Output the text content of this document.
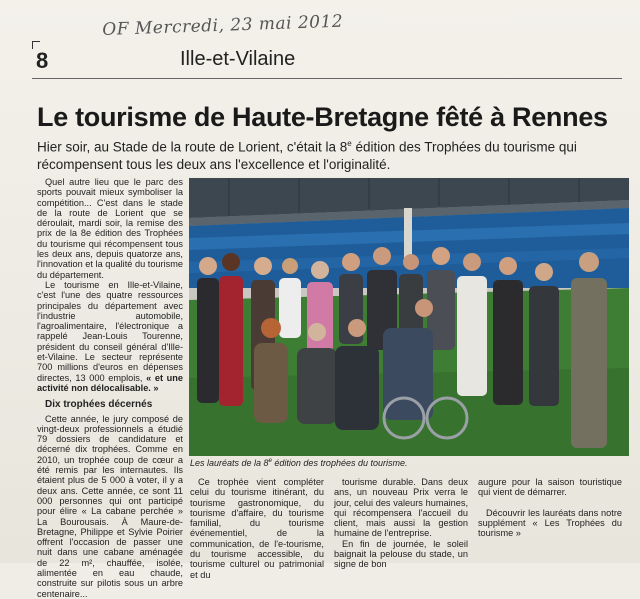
OF Mercredi, 23 mai 2012
8	Ille-et-Vilaine
Le tourisme de Haute-Bretagne fêté à Rennes
Hier soir, au Stade de la route de Lorient, c'était la 8e édition des Trophées du tourisme qui récompensent tous les deux ans l'excellence et l'originalité.

Quel autre lieu que le parc des sports pouvait mieux symboliser la compétition... C'est dans le stade de la route de Lorient que se déroulait, mardi soir, la remise des prix de la 8e édition des Trophées du tourisme qui récompensent tous les deux ans, depuis quatorze ans, l'innovation et la qualité du tourisme du département.

Le tourisme en Ille-et-Vilaine, c'est l'une des quatre ressources principales du département avec l'industrie automobile, l'agroalimentaire, l'électronique a rappelé Jean-Louis Tourenne, président du conseil général d'Ille-et-Vilaine. Le secteur représente 700 millions d'euros en dépenses directes, 13 000 emplois, « et une activité non délocalisable. »

Dix trophées décernés

Cette année, le jury composé de vingt-deux professionnels a étudié 79 dossiers de candidature et décerné dix trophées. Comme en 2010, un trophée coup de cœur a été remis par les internautes. Ils étaient plus de 5 000 à voter, il y a deux ans. Cette année, ce sont 11 000 personnes qui ont participé pour élire « La cabane perchée » La Bourousais. À Maure-de-Bretagne, Philippe et Sylvie Poirier offrent l'occasion de passer une nuit dans une cabane aménagée de 22 m², chauffée, isolée, alimentée en eau chaude, construite sur pilotis sous un arbre centenaire...

Les lauréats de la 8e édition des trophées du tourisme.

Ce trophée vient compléter celui du tourisme itinérant, du tourisme gastronomique, du tourisme d'affaire, du tourisme familial, du tourisme événementiel, de la communication, de l'e-tourisme, du tourisme accessible, du tourisme culturel ou patrimonial et du

tourisme durable. Dans deux ans, un nouveau Prix verra le jour, celui des valeurs humaines, qui récompensera l'accueil du client, mais aussi la gestion humaine de l'entreprise.

En fin de journée, le soleil baignait la pelouse du stade, un signe de bon

augure pour la saison touristique qui vient de démarrer.

Découvrir les lauréats dans notre supplément « Les Trophées du tourisme »
